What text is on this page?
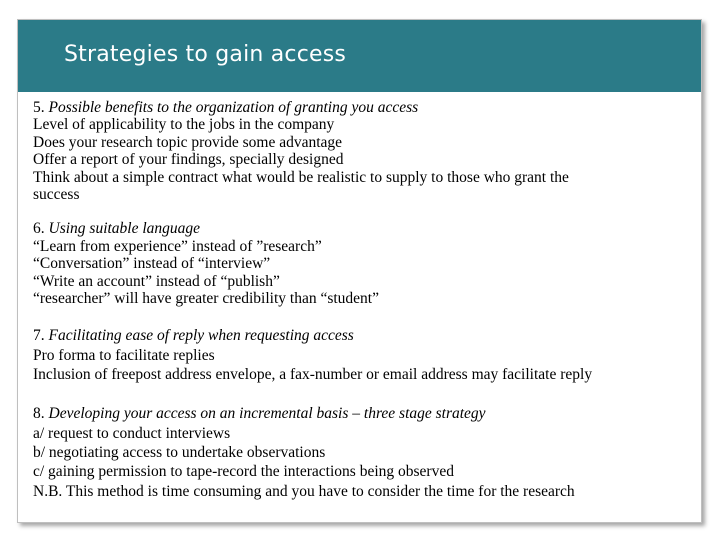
Strategies to gain access
5. Possible benefits to the organization of granting you access
Level of applicability to the jobs in the company
Does your research topic provide some advantage
Offer a report of your findings, specially designed
Think about a simple contract what would be realistic to supply to those who grant the
success
6. Using suitable language
“Learn from experience” instead of ”research”
“Conversation” instead of “interview”
“Write an account” instead of “publish”
“researcher” will have greater credibility than “student”
7. Facilitating ease of reply when requesting access
Pro forma to facilitate replies
Inclusion of freepost address envelope, a fax-number or email address may facilitate reply
8. Developing your access on an incremental basis – three stage strategy
a/ request to conduct interviews
b/ negotiating access to undertake observations
c/ gaining permission to tape-record the interactions being observed
N.B. This method is time consuming and you have to consider the time for the research
